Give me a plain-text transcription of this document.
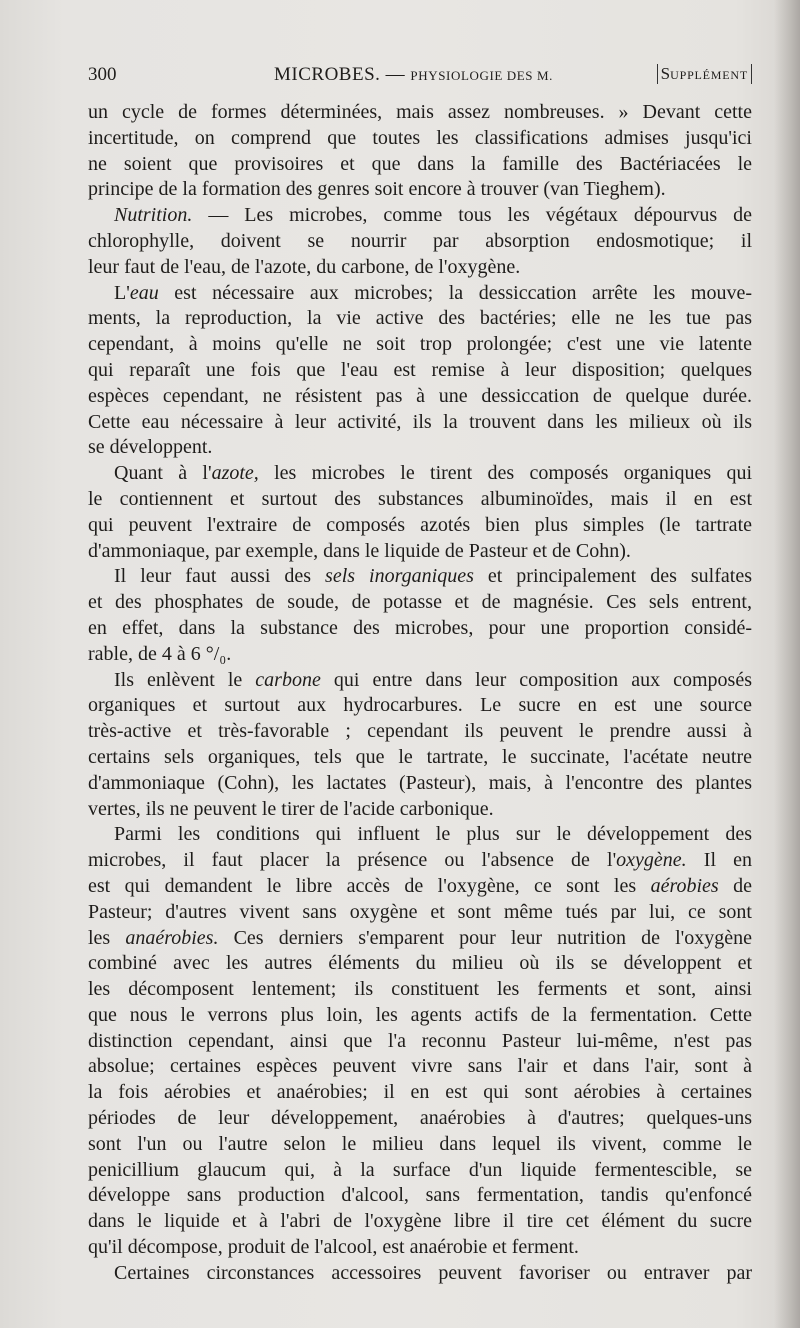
300	MICROBES. — PHYSIOLOGIE DES M.	SUPPLÉMENT
un cycle de formes déterminées, mais assez nombreuses. » Devant cette
incertitude, on comprend que toutes les classifications admises jusqu'ici
ne soient que provisoires et que dans la famille des Bactériacées le
principe de la formation des genres soit encore à trouver (van Tieghem).
Nutrition. — Les microbes, comme tous les végétaux dépourvus de
chlorophylle, doivent se nourrir par absorption endosmotique; il
leur faut de l'eau, de l'azote, du carbone, de l'oxygène.
L'eau est nécessaire aux microbes; la dessiccation arrête les mouve-
ments, la reproduction, la vie active des bactéries; elle ne les tue pas
cependant, à moins qu'elle ne soit trop prolongée; c'est une vie latente
qui reparaît une fois que l'eau est remise à leur disposition; quelques
espèces cependant, ne résistent pas à une dessiccation de quelque durée.
Cette eau nécessaire à leur activité, ils la trouvent dans les milieux où ils
se développent.
Quant à l'azote, les microbes le tirent des composés organiques qui
le contiennent et surtout des substances albuminoïdes, mais il en est
qui peuvent l'extraire de composés azotés bien plus simples (le tartrate
d'ammoniaque, par exemple, dans le liquide de Pasteur et de Cohn).
Il leur faut aussi des sels inorganiques et principalement des sulfates
et des phosphates de soude, de potasse et de magnésie. Ces sels entrent,
en effet, dans la substance des microbes, pour une proportion considé-
rable, de 4 à 6 °/₀.
Ils enlèvent le carbone qui entre dans leur composition aux composés
organiques et surtout aux hydrocarbures. Le sucre en est une source
très-active et très-favorable ; cependant ils peuvent le prendre aussi à
certains sels organiques, tels que le tartrate, le succinate, l'acétate neutre
d'ammoniaque (Cohn), les lactates (Pasteur), mais, à l'encontre des plantes
vertes, ils ne peuvent le tirer de l'acide carbonique.
Parmi les conditions qui influent le plus sur le développement des
microbes, il faut placer la présence ou l'absence de l'oxygène. Il en
est qui demandent le libre accès de l'oxygène, ce sont les aérobies de
Pasteur; d'autres vivent sans oxygène et sont même tués par lui, ce sont
les anaérobies. Ces derniers s'emparent pour leur nutrition de l'oxygène
combiné avec les autres éléments du milieu où ils se développent et
les décomposent lentement; ils constituent les ferments et sont, ainsi
que nous le verrons plus loin, les agents actifs de la fermentation. Cette
distinction cependant, ainsi que l'a reconnu Pasteur lui-même, n'est pas
absolue; certaines espèces peuvent vivre sans l'air et dans l'air, sont à
la fois aérobies et anaérobies; il en est qui sont aérobies à certaines
périodes de leur développement, anaérobies à d'autres; quelques-uns
sont l'un ou l'autre selon le milieu dans lequel ils vivent, comme le
penicillium glaucum qui, à la surface d'un liquide fermentescible, se
développe sans production d'alcool, sans fermentation, tandis qu'enfoncé
dans le liquide et à l'abri de l'oxygène libre il tire cet élément du sucre
qu'il décompose, produit de l'alcool, est anaérobie et ferment.
Certaines circonstances accessoires peuvent favoriser ou entraver par
